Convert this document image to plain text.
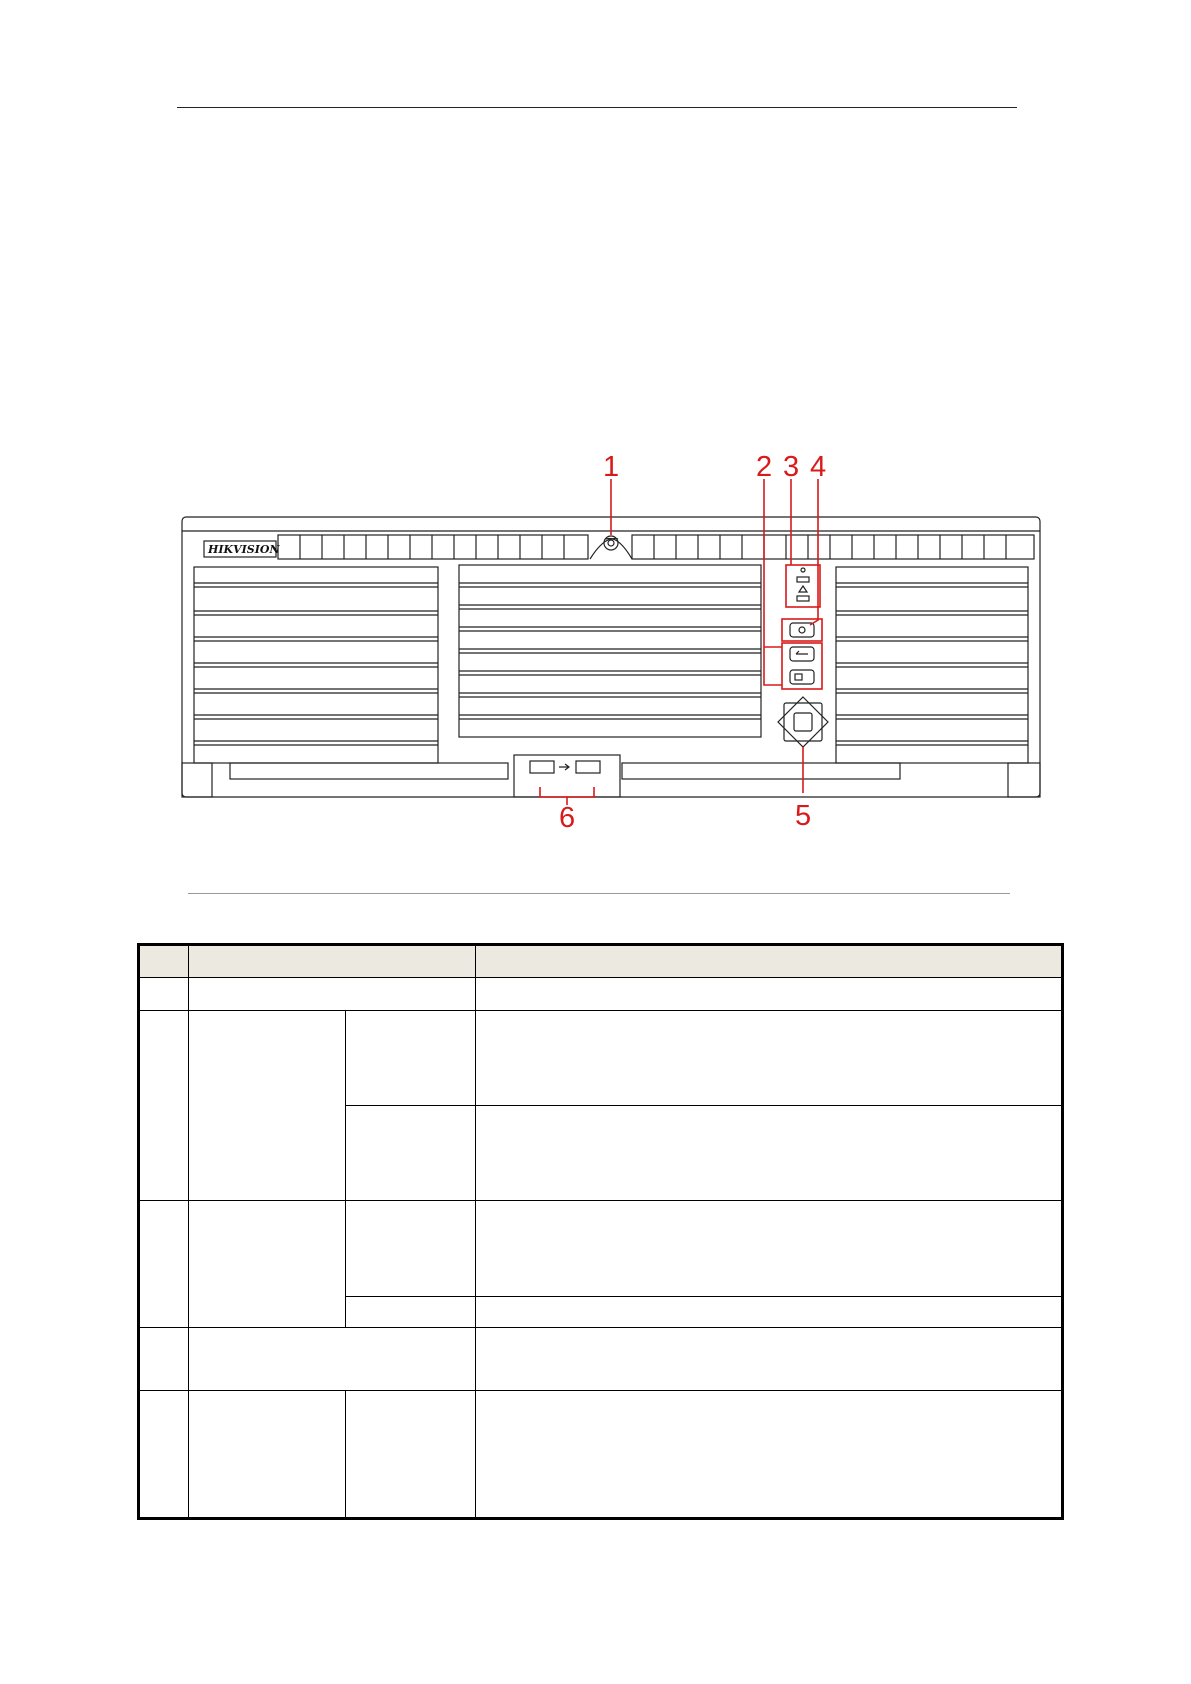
HIKVISION
1	2 3 4
5
6
